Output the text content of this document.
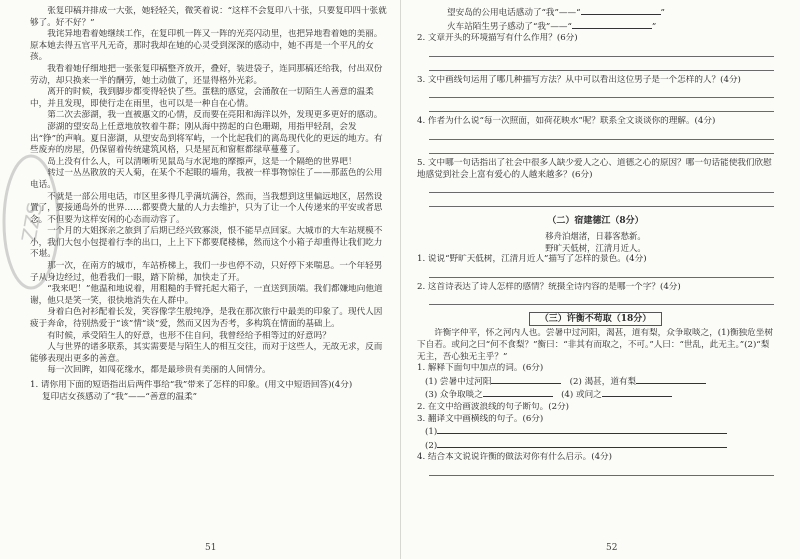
ZZS

张复印稿并排成一大张，她轻轻关，微笑着说：“这样不会复印八十张，只要复印四十张就够了。好不好？”

我诧异地看着她继续工作，在复印机一阵又一阵的光亮闪动里，也把异地看着她的美丽。原本她去得五官平凡无奇，那时我却在她的心灵受到深深的感动中，她不再是一个平凡的女孩。

我看着她仔细地把一张张复印稿整齐放开，叠好，装进袋子，连同那稿还给我，付出双份劳动，却只换来一半的酬劳，她土动做了，还显得格外光彩。

离开的时候，我到脚步都变得轻快了些。蛋糕的感觉，会涌散在一切陌生人善意的温柔中，并且发现，即使行走在雨里，也可以是一种自在心情。

第二次去澎湖，我一直被惠文的心情，反而要在亮阳和海洋以外，发现更多更好的感动。

澎湖的望安岛上任意地放牧着牛群；刚从海中捞起的白色珊瑚，用指甲轻刮，会发出“铮”的声响。夏日澎湖，从望安岛到将军屿，一个比起我们的离岛现代化的更远的地方。有些废弃的房屋，仍保留着传统建筑风格，只是屋瓦和窗框都绿草蔓蔓了。

岛上没有什么人，可以清晰听见鼠岛与水泥地的摩擦声，这是一个隔绝的世界吧！

转过一丛丛散放的天人菊，在某个不起眼的墙角，我被一样事物惊住了——那蓝色的公用电话。

不就是一部公用电话，市区里多得几乎满坑满谷，然而，当我想到这里偏远地区，居然设置了，要接通岛外的世界……都要费大量的人力去维护，只为了让一个人传递来的平安或者思念。不但要为这样安闲的心态而动容了。

一个月的大姐探亲之旅到了后期已经兴致寡淡，恨不能早点回家。大城市的大车站规模不小，我们大包小包提着行李的出口，上上下下都要爬楼梯，然而这个小箱子却重得让我们吃力不堪。

那一次，在南方的城市，车站桥梯上，我们一步也停不动，只好停下来喘息。一个年轻男子从身边经过，他看我们一眼，踏下阶梯，加快走了开。

“我来吧！”他温和地说着，用粗糙的手臂托起大箱子，一直送到顶端。我们都嫌地向他道谢，他只是笑一笑，很快地消失在人群中。

身着白色衬衫配着长发，笑容像学生般纯净，是我在那次旅行中最美的印象了。现代人因疲于奔命，待别热爱于“该”情“谈”爱，然而又因为否考，多构筑在情面的基础上。

有时候，承受陌生人的好意，也形不住自问，我曾经给予相等过的好意吗？

人与世界的诸多联系，其实需要是与陌生人的相互交往，而对于这些人，无故无求，反而能够表现出更多的善意。

每一次回眸，如闯花缘水，都是最珍贵有美丽的人间情分。

1. 请你用下面的短语指出后两件事给“我”带来了怎样的印象。(用文中短语回答)(4分)

复印店女孩感动了“我”——“善意的温柔”

51

望安岛的公用电话感动了“我”——“	”

火车站陌生男子感动了“我”——“	”

2. 文章开头的环境描写有什么作用？(6分)

3. 文中画线句运用了哪几种描写方法？从中可以看出这位男子是一个怎样的人？(4分)

4. 作者为什么说“每一次照面，如荷花映水”呢？联系全文谈谈你的理解。(4分)

5. 文中哪一句话指出了社会中很多人缺少爱人之心、道德之心的原因？哪一句话能使我们欣慰地感觉到社会上富有爱心的人越来越多？(6分)

（二）宿建德江（8分）

移舟泊烟渚，日暮客愁新。

野旷天低树，江清月近人。

1. 说说“野旷天低树，江清月近人”描写了怎样的景色。(4分)

2. 这首诗表达了诗人怎样的感情？统摄全诗内容的是哪一个字？(4分)

（三）许衡不苟取（18分）

许衡字仲平，怀之河内人也。尝暑中过河阳，渴甚，道有梨，众争取啖之，(1)衡独危坐树下自若。或问之曰“何不食梨？”衡曰：“非其有而取之，不可。”人曰：“世乱，此无主。”(2)“梨无主，吾心独无主乎？”

1. 解释下面句中加点的词。(6分)

(1) 尝暑中过河阳	(2) 渴甚，道有梨

(3) 众争取啖之	(4) 或问之

2. 在文中给画波浪线的句子断句。(2分)

3. 翻译文中画横线的句子。(6分)

(1)

(2)

4. 结合本文说说许衡的做法对你有什么启示。(4分)

52
